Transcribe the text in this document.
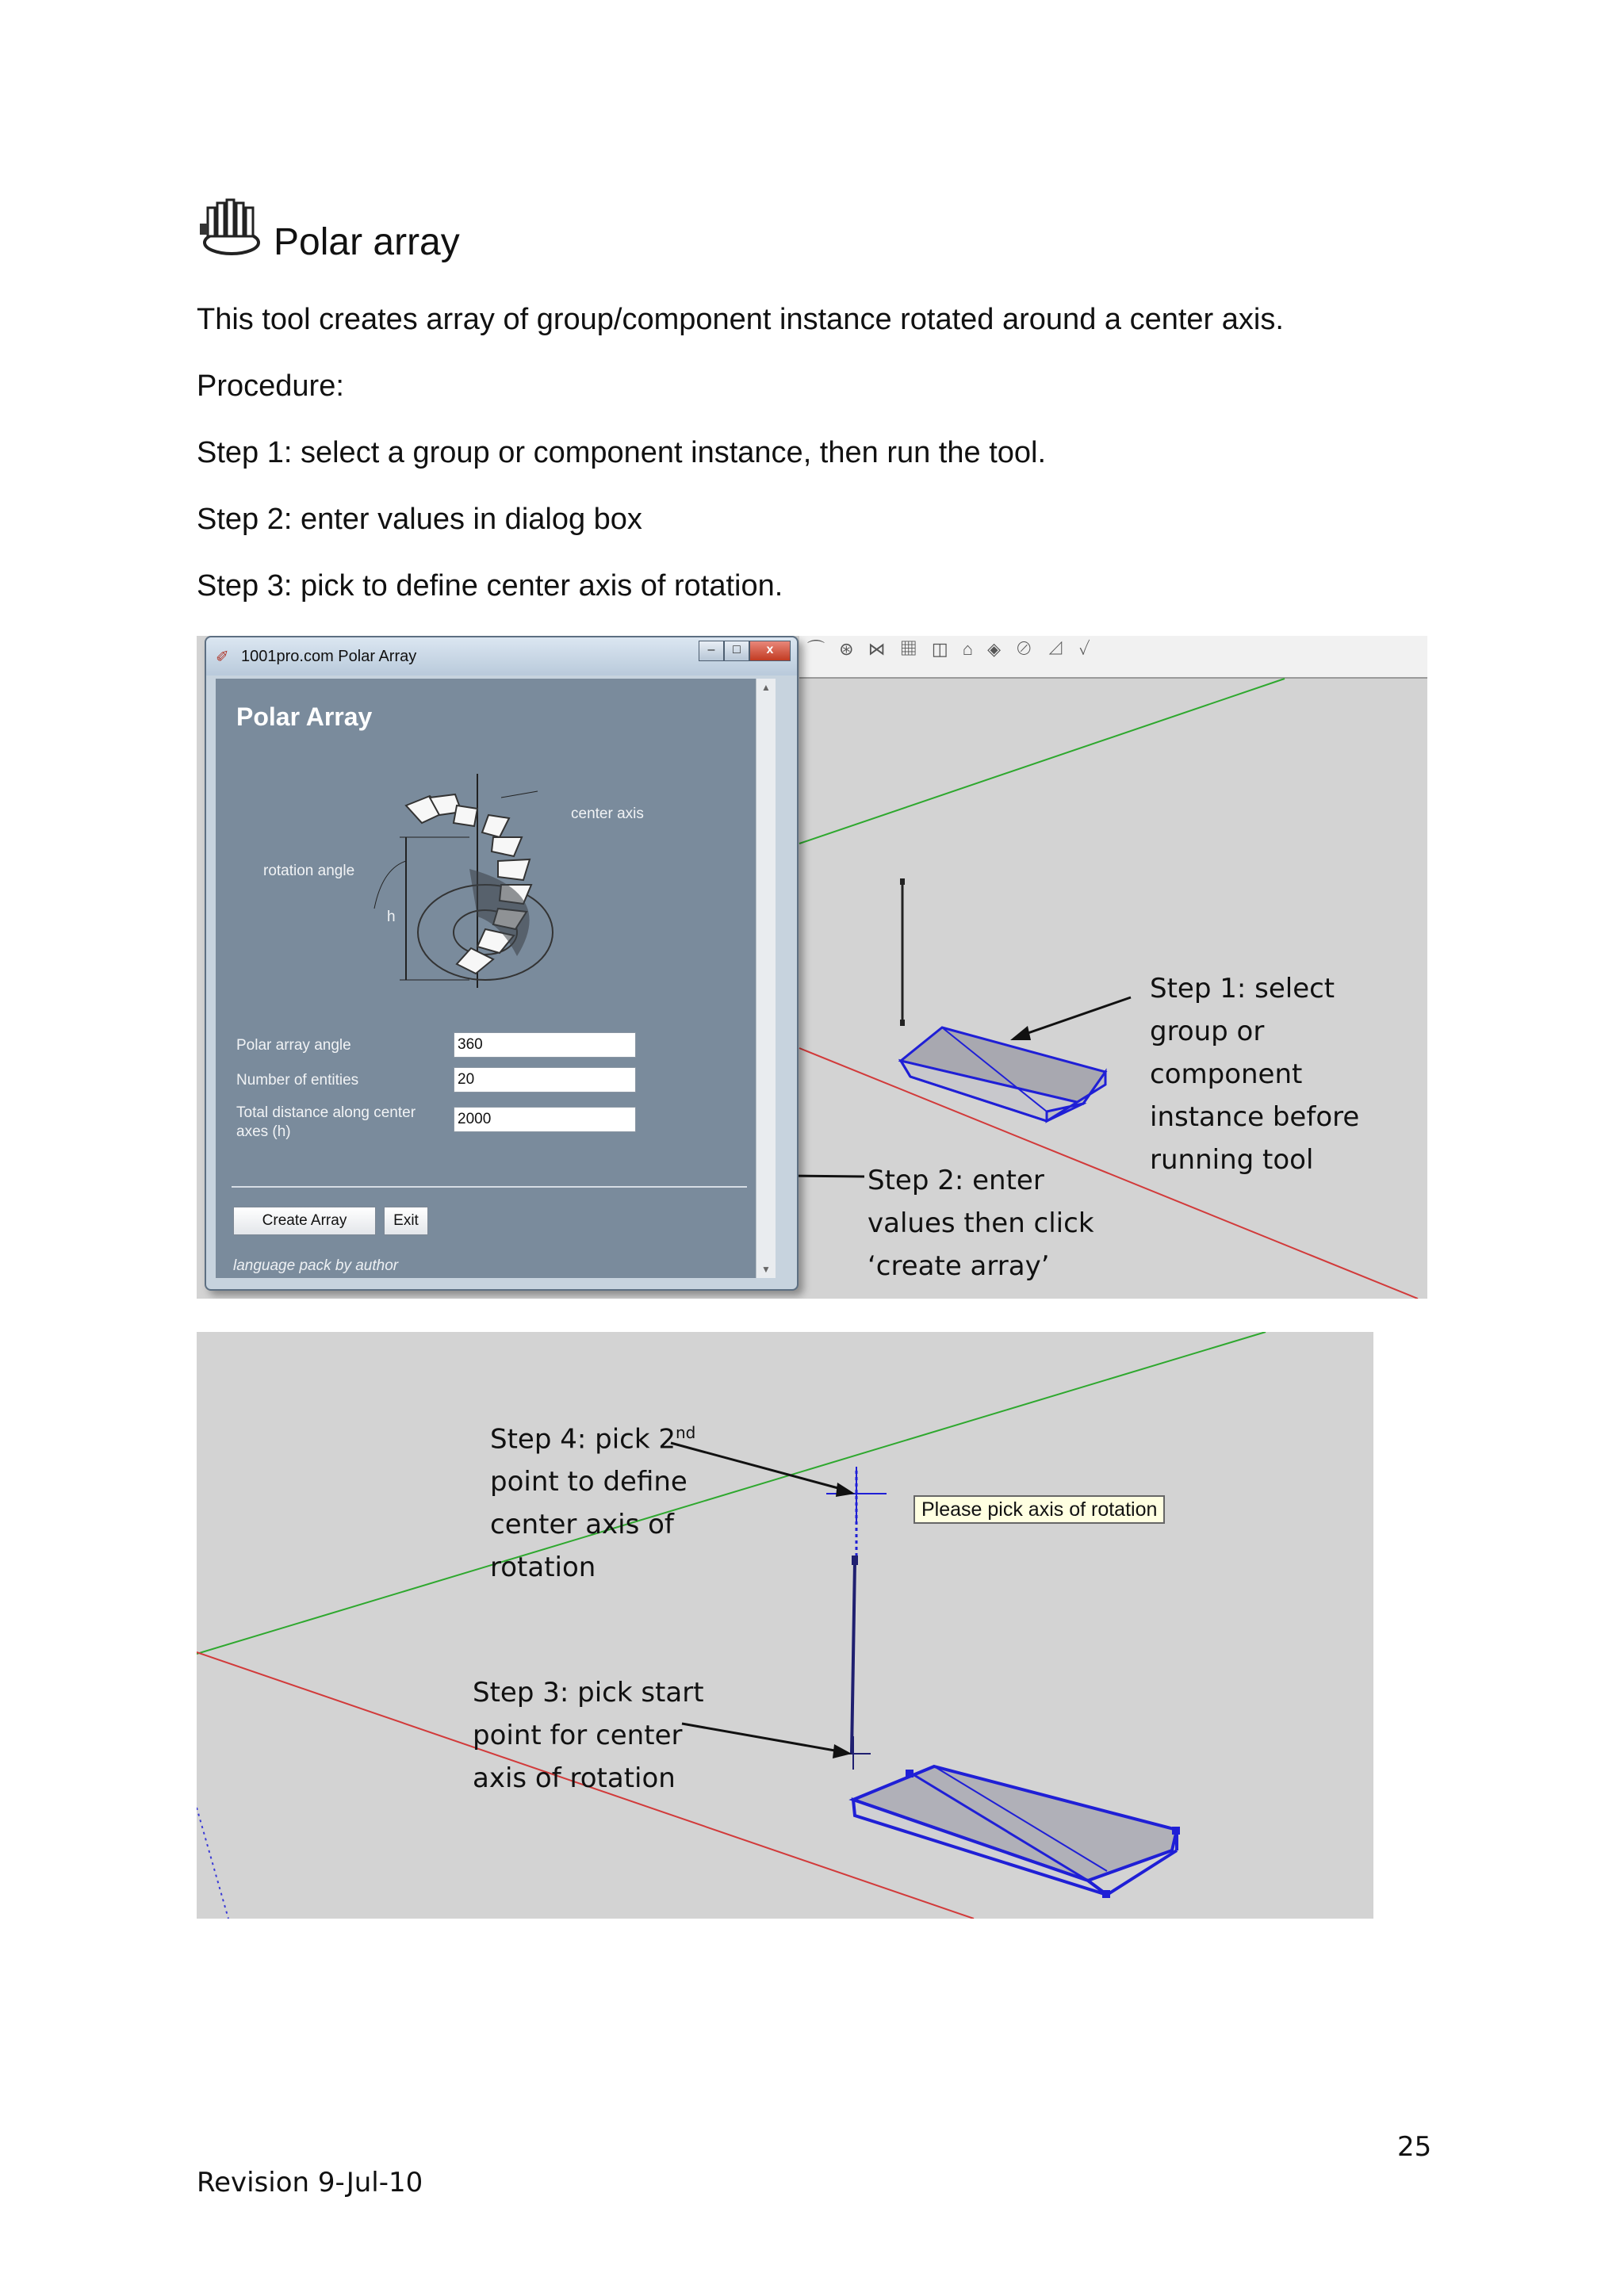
Polar array
This tool creates array of group/component instance rotated around a center axis.
Procedure:
Step 1: select a group or component instance, then run the tool.
Step 2: enter values in dialog box
Step 3: pick to define center axis of rotation.
⌒ ⊛ ⋈ ▦ ◫ ⌂ ◈ ⊘ ⊿ ✓
✐ 1001pro.com Polar Array	‒	□	x
Polar Array
center axis
rotation angle
h
Polar array angle
360
Number of entities
20
Total distance along center axes (h)
2000
Create Array	Exit
language pack by author
▲
▼
Step 1: select
group or
component
instance before
running tool
Step 2: enter
values then click
‘create array’
Please pick axis of rotation
Step 4: pick 2nd
point to define
center axis of
rotation
Step 3: pick start
point for center
axis of rotation
25
Revision 9-Jul-10
